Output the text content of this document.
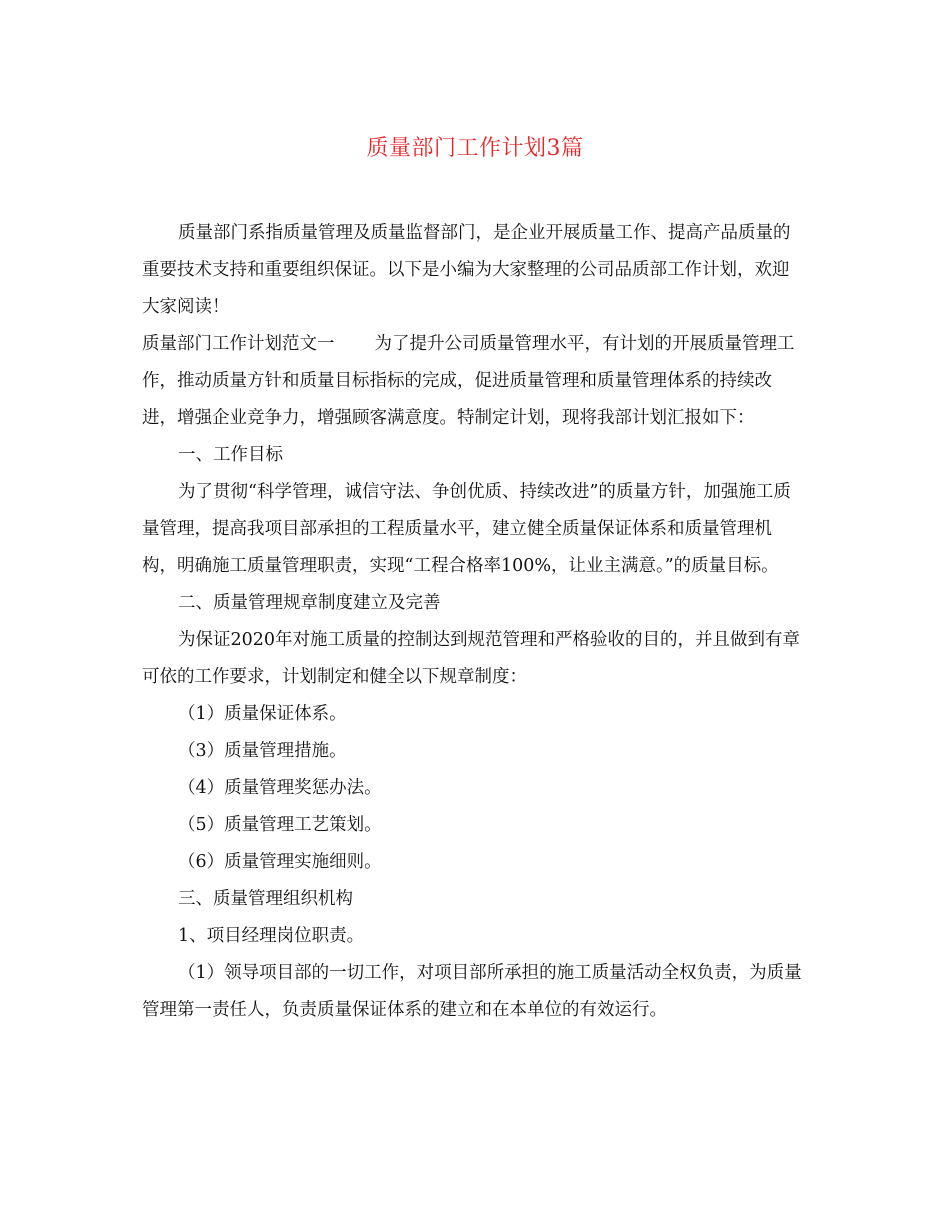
质量部门工作计划3篇

质量部门系指质量管理及质量监督部门，是企业开展质量工作、提高产品质量的重要技术支持和重要组织保证。以下是小编为大家整理的公司品质部工作计划，欢迎大家阅读！

质量部门工作计划范文一 为了提升公司质量管理水平，有计划的开展质量管理工作，推动质量方针和质量目标指标的完成，促进质量管理和质量管理体系的持续改进，增强企业竞争力，增强顾客满意度。特制定计划，现将我部计划汇报如下：

一、工作目标

为了贯彻“科学管理，诚信守法、争创优质、持续改进”的质量方针，加强施工质量管理，提高我项目部承担的工程质量水平，建立健全质量保证体系和质量管理机构，明确施工质量管理职责，实现“工程合格率100%，让业主满意。”的质量目标。

二、质量管理规章制度建立及完善

为保证2020年对施工质量的控制达到规范管理和严格验收的目的，并且做到有章可依的工作要求，计划制定和健全以下规章制度：

（1）质量保证体系。

（3）质量管理措施。

（4）质量管理奖惩办法。

（5）质量管理工艺策划。

（6）质量管理实施细则。

三、质量管理组织机构

1、项目经理岗位职责。

（1）领导项目部的一切工作，对项目部所承担的施工质量活动全权负责，为质量管理第一责任人，负责质量保证体系的建立和在本单位的有效运行。
